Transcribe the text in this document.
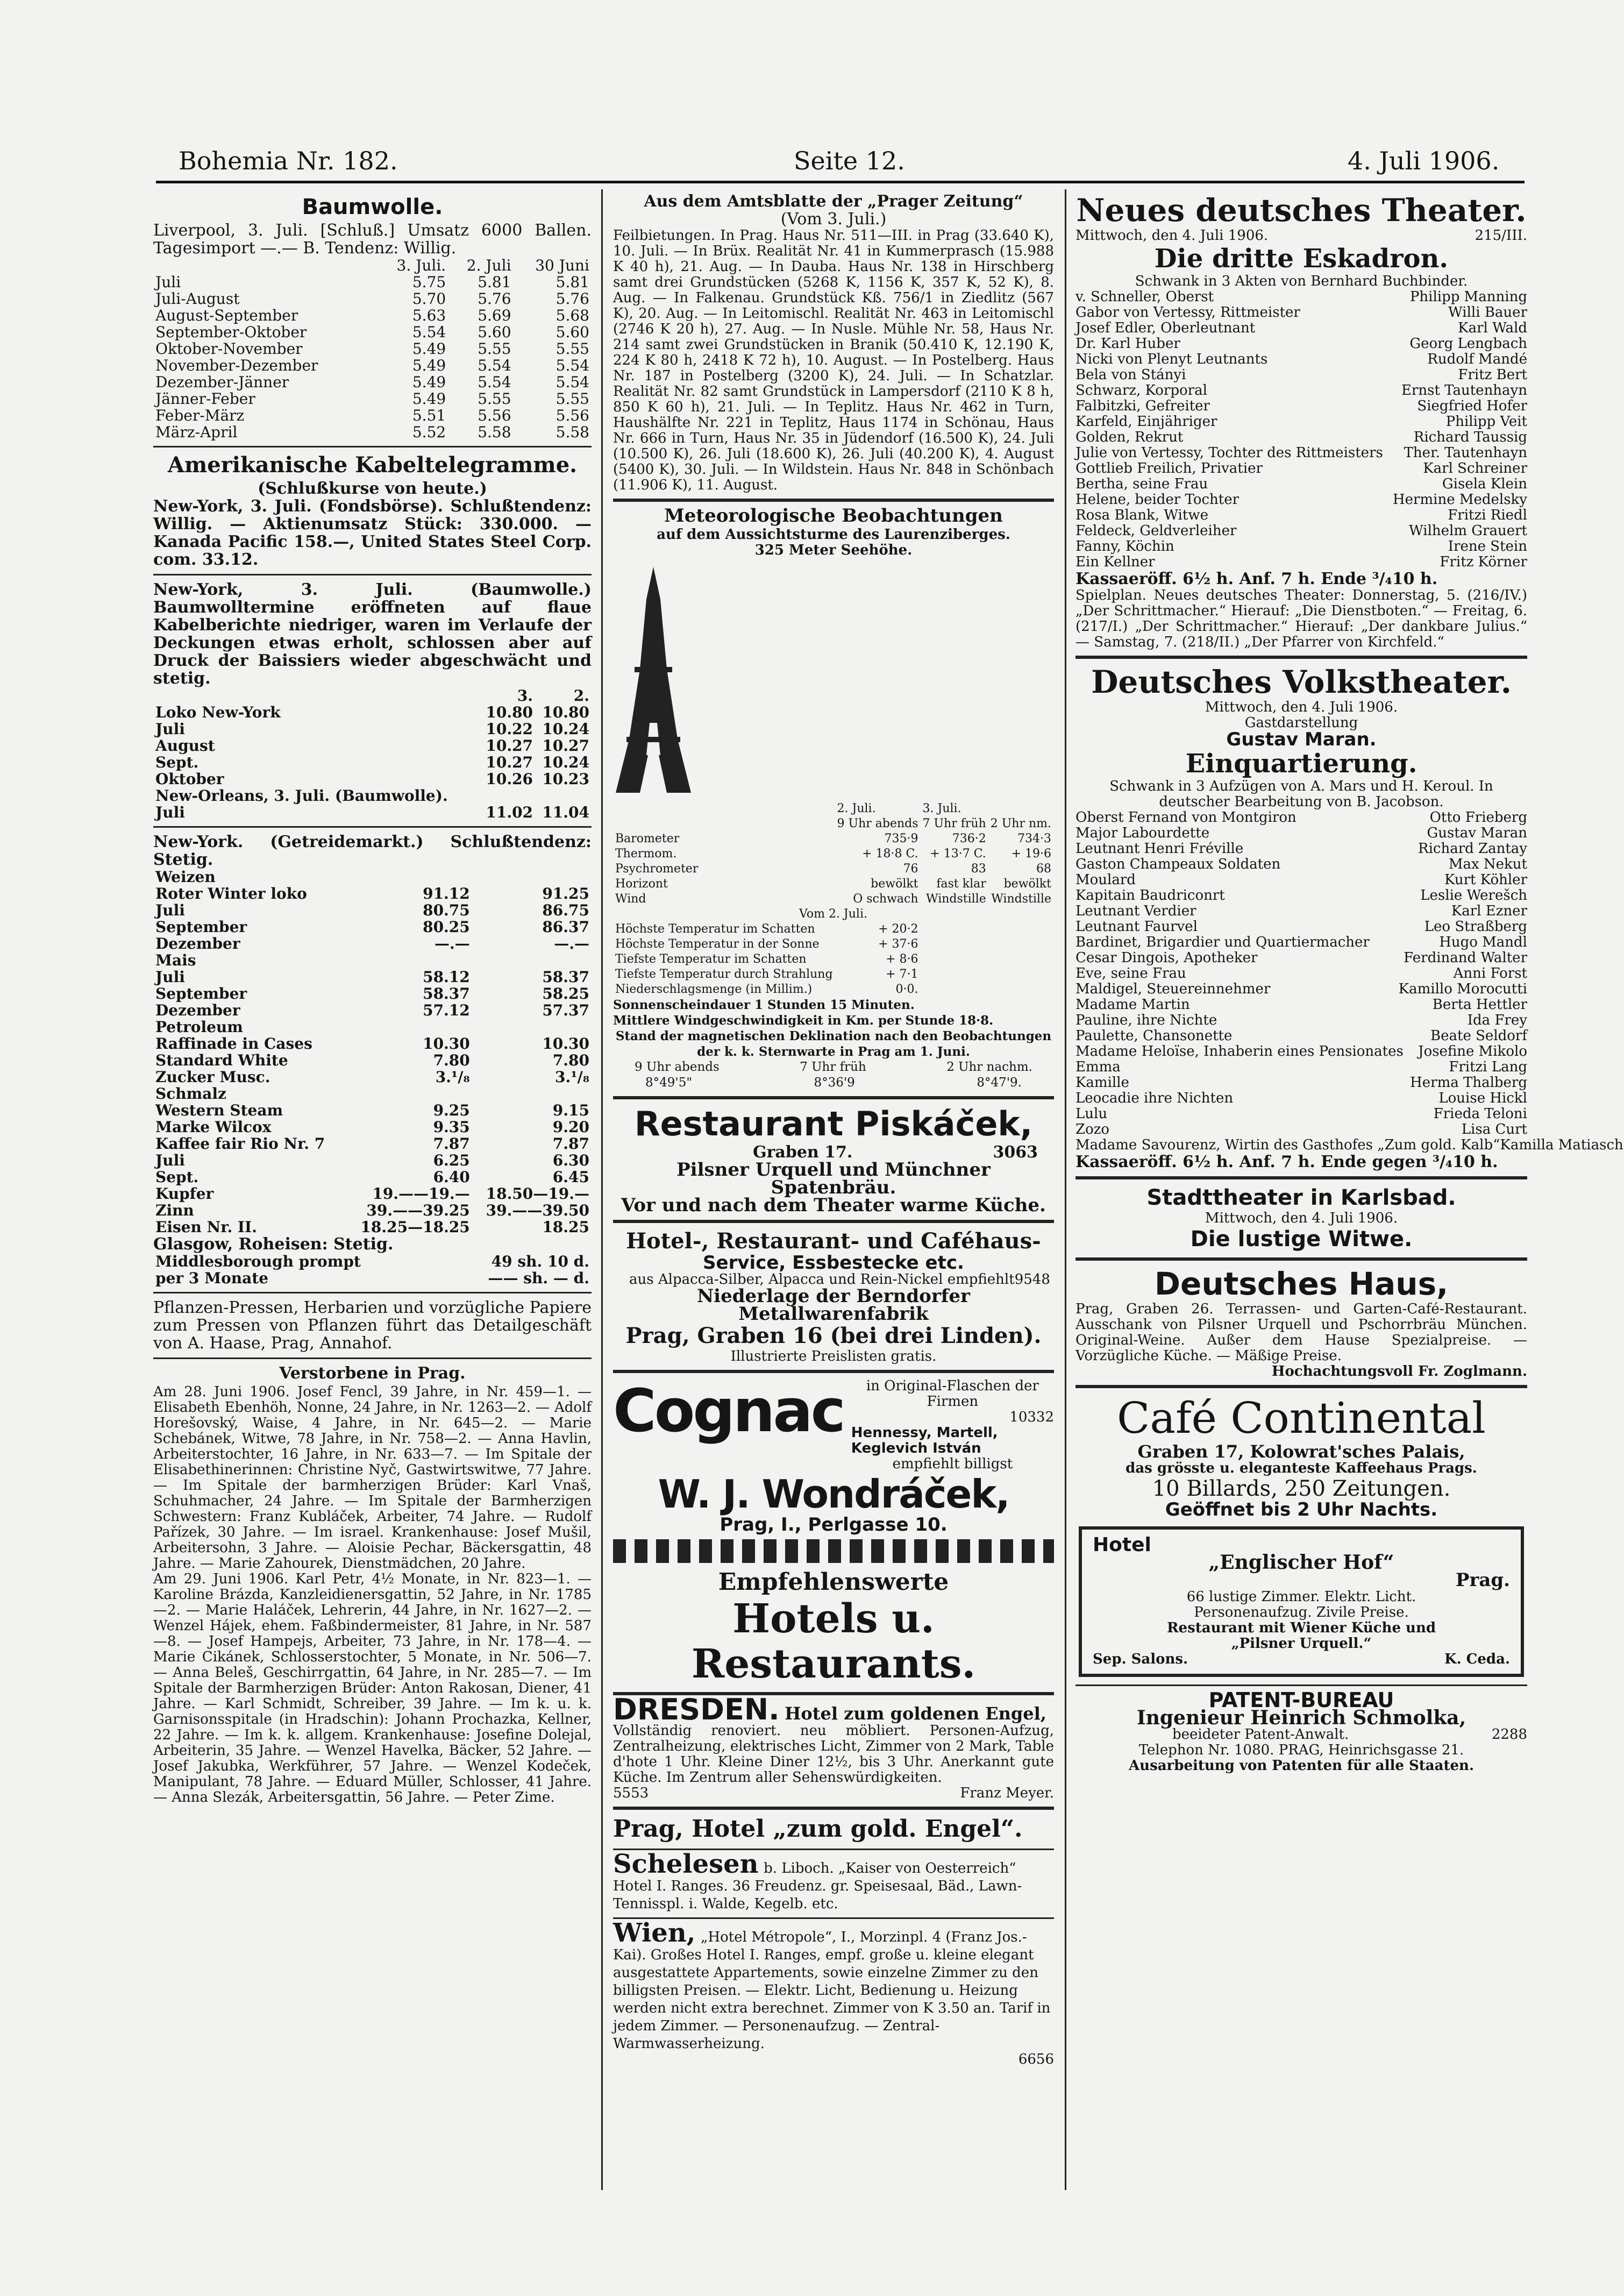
Bohemia Nr. 182.	Seite 12.	4. Juli 1906.
Baumwolle.

Liverpool, 3. Juli. [Schluß.] Umsatz 6000 Ballen. Tagesimport —.— B. Tendenz: Willig.

	3. Juli.	2. Juli	30 Juni
Juli	5.75	5.81	5.81
Juli-August	5.70	5.76	5.76
August-September	5.63	5.69	5.68
September-Oktober	5.54	5.60	5.60
Oktober-November	5.49	5.55	5.55
November-Dezember	5.49	5.54	5.54
Dezember-Jänner	5.49	5.54	5.54
Jänner-Feber	5.49	5.55	5.55
Feber-März	5.51	5.56	5.56
März-April	5.52	5.58	5.58
Amerikanische Kabeltelegramme.
(Schlußkurse von heute.)

New-York, 3. Juli. (Fondsbörse). Schlußtendenz: Willig. — Aktienumsatz Stück: 330.000. — Kanada Pacific 158.—, United States Steel Corp. com. 33.12.

New-York, 3. Juli. (Baumwolle.) Baumwolltermine eröffneten auf flaue Kabelberichte niedriger, waren im Verlaufe der Deckungen etwas erholt, schlossen aber auf Druck der Baissiers wieder abgeschwächt und stetig.

	3.	2.
Loko New-York	10.80	10.80
Juli	10.22	10.24
August	10.27	10.27
Sept.	10.27	10.24
Oktober	10.26	10.23
New-Orleans, 3. Juli. (Baumwolle).		
Juli	11.02	11.04

New-York. (Getreidemarkt.) Schlußtendenz: Stetig.

Weizen		
Roter Winter loko	91.12	91.25
Juli	80.75	86.75
September	80.25	86.37
Dezember	—.—	—.—
Mais		
Juli	58.12	58.37
September	58.37	58.25
Dezember	57.12	57.37
Petroleum		
Raffinade in Cases	10.30	10.30
Standard White	7.80	7.80
Zucker Musc.	3.¹/₈	3.¹/₈
Schmalz		
Western Steam	9.25	9.15
Marke Wilcox	9.35	9.20
Kaffee fair Rio Nr. 7	7.87	7.87
Juli	6.25	6.30
Sept.	6.40	6.45
Kupfer	19.——19.—	18.50—19.—
Zinn	39.——39.25	39.——39.50
Eisen Nr. II.	18.25—18.25	18.25
Glasgow, Roheisen: Stetig.
Middlesborough prompt	49 sh. 10 d.
per 3 Monate	—— sh. — d.

Pflanzen-Pressen, Herbarien und vorzügliche Papiere zum Pressen von Pflanzen führt das Detailgeschäft von A. Haase, Prag, Annahof.

Verstorbene in Prag.

Am 28. Juni 1906. Josef Fencl, 39 Jahre, in Nr. 459—1. — Elisabeth Ebenhöh, Nonne, 24 Jahre, in Nr. 1263—2. — Adolf Horešovský, Waise, 4 Jahre, in Nr. 645—2. — Marie Schebánek, Witwe, 78 Jahre, in Nr. 758—2. — Anna Havlin, Arbeiterstochter, 16 Jahre, in Nr. 633—7. — Im Spitale der Elisabethinerinnen: Christine Nyč, Gastwirtswitwe, 77 Jahre. — Im Spitale der barmherzigen Brüder: Karl Vnaš, Schuhmacher, 24 Jahre. — Im Spitale der Barmherzigen Schwestern: Franz Kubláček, Arbeiter, 74 Jahre. — Rudolf Pařízek, 30 Jahre. — Im israel. Krankenhause: Josef Mušil, Arbeitersohn, 3 Jahre. — Aloisie Pechar, Bäckersgattin, 48 Jahre. — Marie Zahourek, Dienstmädchen, 20 Jahre.

Am 29. Juni 1906. Karl Petr, 4½ Monate, in Nr. 823—1. — Karoline Brázda, Kanzleidienersgattin, 52 Jahre, in Nr. 1785—2. — Marie Haláček, Lehrerin, 44 Jahre, in Nr. 1627—2. — Wenzel Hájek, ehem. Faßbindermeister, 81 Jahre, in Nr. 587—8. — Josef Hampejs, Arbeiter, 73 Jahre, in Nr. 178—4. — Marie Cikánek, Schlosserstochter, 5 Monate, in Nr. 506—7. — Anna Beleš, Geschirrgattin, 64 Jahre, in Nr. 285—7. — Im Spitale der Barmherzigen Brüder: Anton Rakosan, Diener, 41 Jahre. — Karl Schmidt, Schreiber, 39 Jahre. — Im k. u. k. Garnisonsspitale (in Hradschin): Johann Prochazka, Kellner, 22 Jahre. — Im k. k. allgem. Krankenhause: Josefine Dolejal, Arbeiterin, 35 Jahre. — Wenzel Havelka, Bäcker, 52 Jahre. — Josef Jakubka, Werkführer, 57 Jahre. — Wenzel Kodeček, Manipulant, 78 Jahre. — Eduard Müller, Schlosser, 41 Jahre. — Anna Slezák, Arbeitersgattin, 56 Jahre. — Peter Zime.

Aus dem Amtsblatte der „Prager Zeitung“
(Vom 3. Juli.)

Feilbietungen. In Prag. Haus Nr. 511—III. in Prag (33.640 K), 10. Juli. — In Brüx. Realität Nr. 41 in Kummerprasch (15.988 K 40 h), 21. Aug. — In Dauba. Haus Nr. 138 in Hirschberg samt drei Grundstücken (5268 K, 1156 K, 357 K, 52 K), 8. Aug. — In Falkenau. Grundstück Kß. 756/1 in Ziedlitz (567 K), 20. Aug. — In Leitomischl. Realität Nr. 463 in Leitomischl (2746 K 20 h), 27. Aug. — In Nusle. Mühle Nr. 58, Haus Nr. 214 samt zwei Grundstücken in Branik (50.410 K, 12.190 K, 224 K 80 h, 2418 K 72 h), 10. August. — In Postelberg. Haus Nr. 187 in Postelberg (3200 K), 24. Juli. — In Schatzlar. Realität Nr. 82 samt Grundstück in Lampersdorf (2110 K 8 h, 850 K 60 h), 21. Juli. — In Teplitz. Haus Nr. 462 in Turn, Haushälfte Nr. 221 in Teplitz, Haus 1174 in Schönau, Haus Nr. 666 in Turn, Haus Nr. 35 in Jüdendorf (16.500 K), 24. Juli (10.500 K), 26. Juli (18.600 K), 26. Juli (40.200 K), 4. August (5400 K), 30. Juli. — In Wildstein. Haus Nr. 848 in Schönbach (11.906 K), 11. August.

Meteorologische Beobachtungen
auf dem Aussichtsturme des Laurenziberges.
325 Meter Seehöhe.
	2. Juli.	3. Juli.	
	9 Uhr abends	7 Uhr früh	2 Uhr nm.
Barometer	735·9	736·2	734·3
Thermom.	+ 18·8 C.	+ 13·7 C.	+ 19·6
Psychrometer	76	83	68
Horizont	bewölkt	fast klar	bewölkt
Wind	O schwach	Windstille	Windstille
Vom 2. Juli.			
Höchste Temperatur im Schatten	+ 20·2		
Höchste Temperatur in der Sonne	+ 37·6		
Tiefste Temperatur im Schatten	+ 8·6		
Tiefste Temperatur durch Strahlung	+ 7·1		
Niederschlagsmenge (in Millim.)	0·0.		
Sonnenscheindauer 1 Stunden 15 Minuten.
Mittlere Windgeschwindigkeit in Km. per Stunde 18·8.
Stand der magnetischen Deklination nach den Beobachtungen der k. k. Sternwarte in Prag am 1. Juni.
9 Uhr abends	7 Uhr früh	2 Uhr nachm.
8°49'5"	8°36'9	8°47'9.
Restaurant Piskáček,
Graben 17.	3063
Pilsner Urquell und Münchner Spatenbräu.
Vor und nach dem Theater warme Küche.
Hotel-, Restaurant- und Caféhaus-
Service, Essbestecke etc.
aus Alpacca-Silber, Alpacca und Rein-Nickel empfiehlt 9548
Niederlage der Berndorfer Metallwarenfabrik
Prag, Graben 16 (bei drei Linden).
Illustrierte Preislisten gratis.
Cognac	in Original-Flaschen der Firmen
10332
Hennessy, Martell, Keglevich István
empfiehlt billigst
W. J. Wondráček,
Prag, I., Perlgasse 10.
Empfehlenswerte
Hotels u. Restaurants.
DRESDEN. Hotel zum goldenen Engel,

Vollständig renoviert. neu möbliert. Personen-Aufzug, Zentralheizung, elektrisches Licht, Zimmer von 2 Mark, Table d'hote 1 Uhr. Kleine Diner 12½, bis 3 Uhr. Anerkannt gute Küche. Im Zentrum aller Sehenswürdigkeiten.

5553	Franz Meyer.
Prag, Hotel „zum gold. Engel“.
Schelesen b. Liboch. „Kaiser von Oesterreich“ Hotel I. Ranges. 36 Freudenz. gr. Speisesaal, Bäd., Lawn-Tennisspl. i. Walde, Kegelb. etc.
Wien, „Hotel Métropole“, I., Morzinpl. 4 (Franz Jos.-Kai). Großes Hotel I. Ranges, empf. große u. kleine elegant ausgestattete Appartements, sowie einzelne Zimmer zu den billigsten Preisen. — Elektr. Licht, Bedienung u. Heizung werden nicht extra berechnet. Zimmer von K 3.50 an. Tarif in jedem Zimmer. — Personenaufzug. — Zentral-Warmwasserheizung.
6656
Neues deutsches Theater.
Mittwoch, den 4. Juli 1906.	215/III.
Die dritte Eskadron.
Schwank in 3 Akten von Bernhard Buchbinder.
v. Schneller, Oberst	Philipp Manning
Gabor von Vertessy, Rittmeister	Willi Bauer
Josef Edler, Oberleutnant	Karl Wald
Dr. Karl Huber	Georg Lengbach
Nicki von Plenyt Leutnants	Rudolf Mandé
Bela von Stányi	Fritz Bert
Schwarz, Korporal	Ernst Tautenhayn
Falbitzki, Gefreiter	Siegfried Hofer
Karfeld, Einjähriger	Philipp Veit
Golden, Rekrut	Richard Taussig
Julie von Vertessy, Tochter des Rittmeisters Ther. Tautenhayn
Gottlieb Freilich, Privatier	Karl Schreiner
Bertha, seine Frau	Gisela Klein
Helene, beider Tochter	Hermine Medelsky
Rosa Blank, Witwe	Fritzi Riedl
Feldeck, Geldverleiher	Wilhelm Grauert
Fanny, Köchin	Irene Stein
Ein Kellner	Fritz Körner
Kassaeröff. 6½ h. Anf. 7 h. Ende ³/₄10 h.

Spielplan. Neues deutsches Theater: Donnerstag, 5. (216/IV.) „Der Schrittmacher.“ Hierauf: „Die Dienstboten.“ — Freitag, 6. (217/I.) „Der Schrittmacher.“ Hierauf: „Der dankbare Julius.“ — Samstag, 7. (218/II.) „Der Pfarrer von Kirchfeld.“

Deutsches Volkstheater.
Mittwoch, den 4. Juli 1906.
Gastdarstellung
Gustav Maran.
Einquartierung.
Schwank in 3 Aufzügen von A. Mars und H. Keroul. In deutscher Bearbeitung von B. Jacobson.
Oberst Fernand von Montgiron	Otto Frieberg
Major Labourdette	Gustav Maran
Leutnant Henri Fréville	Richard Zantay
Gaston Champeaux Soldaten	Max Nekut
Moulard	Kurt Köhler
Kapitain Baudriconrt	Leslie Werešch
Leutnant Verdier	Karl Ezner
Leutnant Faurvel	Leo Straßberg
Bardinet, Brigardier und Quartiermacher	Hugo Mandl
Cesar Dingois, Apotheker	Ferdinand Walter
Eve, seine Frau	Anni Forst
Maldigel, Steuereinnehmer	Kamillo Morocutti
Madame Martin	Berta Hettler
Pauline, ihre Nichte	Ida Frey
Paulette, Chansonette	Beate Seldorf
Madame Heloïse, Inhaberin eines Pensionates Josefine Mikolo
Emma	Fritzi Lang
Kamille	Herma Thalberg
Leocadie ihre Nichten	Louise Hickl
Lulu	Frieda Teloni
Zozo	Lisa Curt
Madame Savourenz, Wirtin des Gasthofes „Zum gold. Kalb“ Kamilla Matiasch
Kassaeröff. 6½ h. Anf. 7 h. Ende gegen ³/₄10 h.
Stadttheater in Karlsbad.
Mittwoch, den 4. Juli 1906.
Die lustige Witwe.
Deutsches Haus,

Prag, Graben 26. Terrassen- und Garten-Café-Restaurant. Ausschank von Pilsner Urquell und Pschorrbräu München. Original-Weine. Außer dem Hause Spezialpreise. — Vorzügliche Küche. — Mäßige Preise.

Hochachtungsvoll Fr. Zoglmann.
Café Continental
Graben 17, Kolowrat'sches Palais,
das grösste u. eleganteste Kaffeehaus Prags.
10 Billards, 250 Zeitungen.
Geöffnet bis 2 Uhr Nachts.
Hotel
„Englischer Hof“
Prag.
66 lustige Zimmer. Elektr. Licht.
Personenaufzug. Zivile Preise.
Restaurant mit Wiener Küche und
„Pilsner Urquell.“
Sep. Salons.	K. Ceda.
PATENT-BUREAU
Ingenieur Heinrich Schmolka,
beeideter Patent-Anwalt.	2288
Telephon Nr. 1080. PRAG, Heinrichsgasse 21.
Ausarbeitung von Patenten für alle Staaten.
